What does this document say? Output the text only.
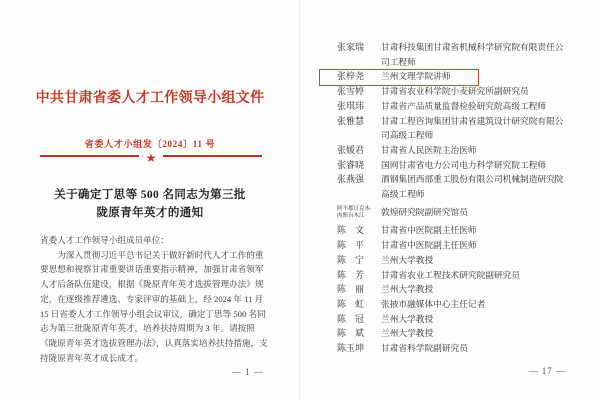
中共甘肃省委人才工作领导小组文件
省委人才小组发〔2024〕11 号
★
关于确定丁思等 500 名同志为第三批
陇原青年英才的通知
省委人才工作领导小组成员单位：
　　为深入贯彻习近平总书记关于做好新时代人才工作的重
要思想和视察甘肃重要讲话重要指示精神，加强甘肃省领军
人才后备队伍建设，根据《陇原青年英才选拔管理办法》规
定，在逐级推荐遴选、专家评审的基础上，经 2024 年 11 月
15 日省委人才工作领导小组会议审议，确定丁思等 500 名同
志为第三批陇原青年英才，培养扶持周期为 3 年。请按照
《陇原青年英才选拔管理办法》，认真落实培养扶持措施，支
持陇原青年英才成长成才。
— 1 —
张家瑞	甘肃科技集团甘肃省机械科学研究院有限责任公司工程师
张梓尧	兰州文理学院讲师
张雪婷	甘肃省农业科学院小麦研究所副研究员
张琪玮	甘肃省产品质量监督检验研究院高级工程师
张雅慧	甘肃工程咨询集团甘肃省建筑设计研究院有限公司高级工程师
张媛君	甘肃省人民医院主治医师
张睿晓	国网甘肃省电力公司电力科学研究院工程师
张燕强	酒钢集团西部重工股份有限公司机械制造研究院高级工程师
阿不都日克木·肉斯台木江	敦煌研究院副研究馆员
陈　文	甘肃省中医院副主任医师
陈　平	甘肃省中医院副主任医师
陈　宁	兰州大学教授
陈　芳	甘肃省农业工程技术研究院副研究员
陈　丽	兰州大学教授
陈　虹	张掖市融媒体中心主任记者
陈　冠	兰州大学教授
陈　斌	兰州大学教授
陈玉坤	甘肃省科学院副研究员
— 17 —
